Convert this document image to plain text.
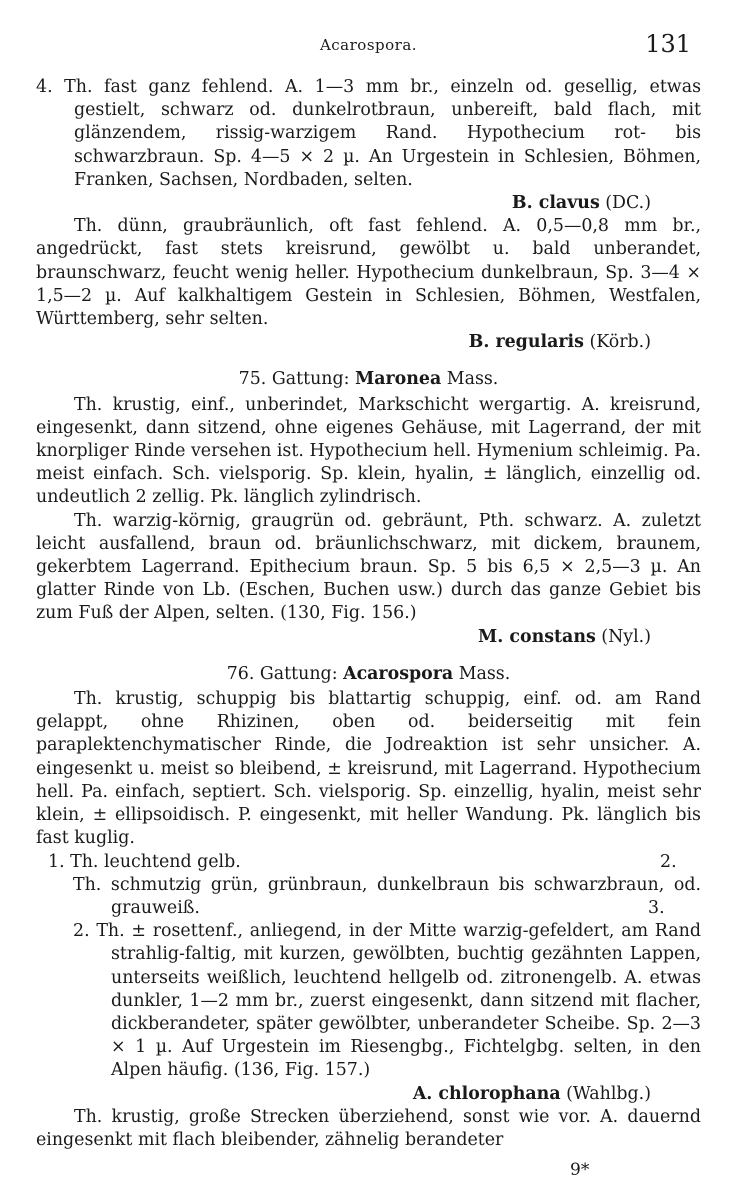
Acarospora.	131

4. Th. fast ganz fehlend. A. 1—3 mm br., einzeln od. gesellig, etwas gestielt, schwarz od. dunkelrotbraun, unbereift, bald flach, mit glänzendem, rissig-warzigem Rand. Hypothecium rot- bis schwarzbraun. Sp. 4—5 × 2 µ. An Urgestein in Schlesien, Böhmen, Franken, Sachsen, Nordbaden, selten.

B. clavus (DC.)

Th. dünn, graubräunlich, oft fast fehlend. A. 0,5—0,8 mm br., angedrückt, fast stets kreisrund, gewölbt u. bald unberandet, braunschwarz, feucht wenig heller. Hypothecium dunkelbraun, Sp. 3—4 × 1,5—2 µ. Auf kalkhaltigem Gestein in Schlesien, Böhmen, Westfalen, Württemberg, sehr selten.

B. regularis (Körb.)

75. Gattung: Maronea Mass.

Th. krustig, einf., unberindet, Markschicht wergartig. A. kreisrund, eingesenkt, dann sitzend, ohne eigenes Gehäuse, mit Lagerrand, der mit knorpliger Rinde versehen ist. Hypothecium hell. Hymenium schleimig. Pa. meist einfach. Sch. vielsporig. Sp. klein, hyalin, ± länglich, einzellig od. undeutlich 2 zellig. Pk. länglich zylindrisch.

Th. warzig-körnig, graugrün od. gebräunt, Pth. schwarz. A. zuletzt leicht ausfallend, braun od. bräunlichschwarz, mit dickem, braunem, gekerbtem Lagerrand. Epithecium braun. Sp. 5 bis 6,5 × 2,5—3 µ. An glatter Rinde von Lb. (Eschen, Buchen usw.) durch das ganze Gebiet bis zum Fuß der Alpen, selten. (130, Fig. 156.)

M. constans (Nyl.)

76. Gattung: Acarospora Mass.

Th. krustig, schuppig bis blattartig schuppig, einf. od. am Rand gelappt, ohne Rhizinen, oben od. beiderseitig mit fein paraplektenchymatischer Rinde, die Jodreaktion ist sehr unsicher. A. eingesenkt u. meist so bleibend, ± kreisrund, mit Lagerrand. Hypothecium hell. Pa. einfach, septiert. Sch. vielsporig. Sp. einzellig, hyalin, meist sehr klein, ± ellipsoidisch. P. eingesenkt, mit heller Wandung. Pk. länglich bis fast kuglig.

1. Th. leuchtend gelb.	2.

Th. schmutzig grün, grünbraun, dunkelbraun bis schwarzbraun, od. grauweiß.	3.

2. Th. ± rosettenf., anliegend, in der Mitte warzig-gefeldert, am Rand strahlig-faltig, mit kurzen, gewölbten, buchtig gezähnten Lappen, unterseits weißlich, leuchtend hellgelb od. zitronengelb. A. etwas dunkler, 1—2 mm br., zuerst eingesenkt, dann sitzend mit flacher, dickberandeter, später gewölbter, unberandeter Scheibe. Sp. 2—3 × 1 µ. Auf Urgestein im Riesengbg., Fichtelgbg. selten, in den Alpen häufig. (136, Fig. 157.)

A. chlorophana (Wahlbg.)

Th. krustig, große Strecken überziehend, sonst wie vor. A. dauernd eingesenkt mit flach bleibender, zähnelig berandeter

9*
